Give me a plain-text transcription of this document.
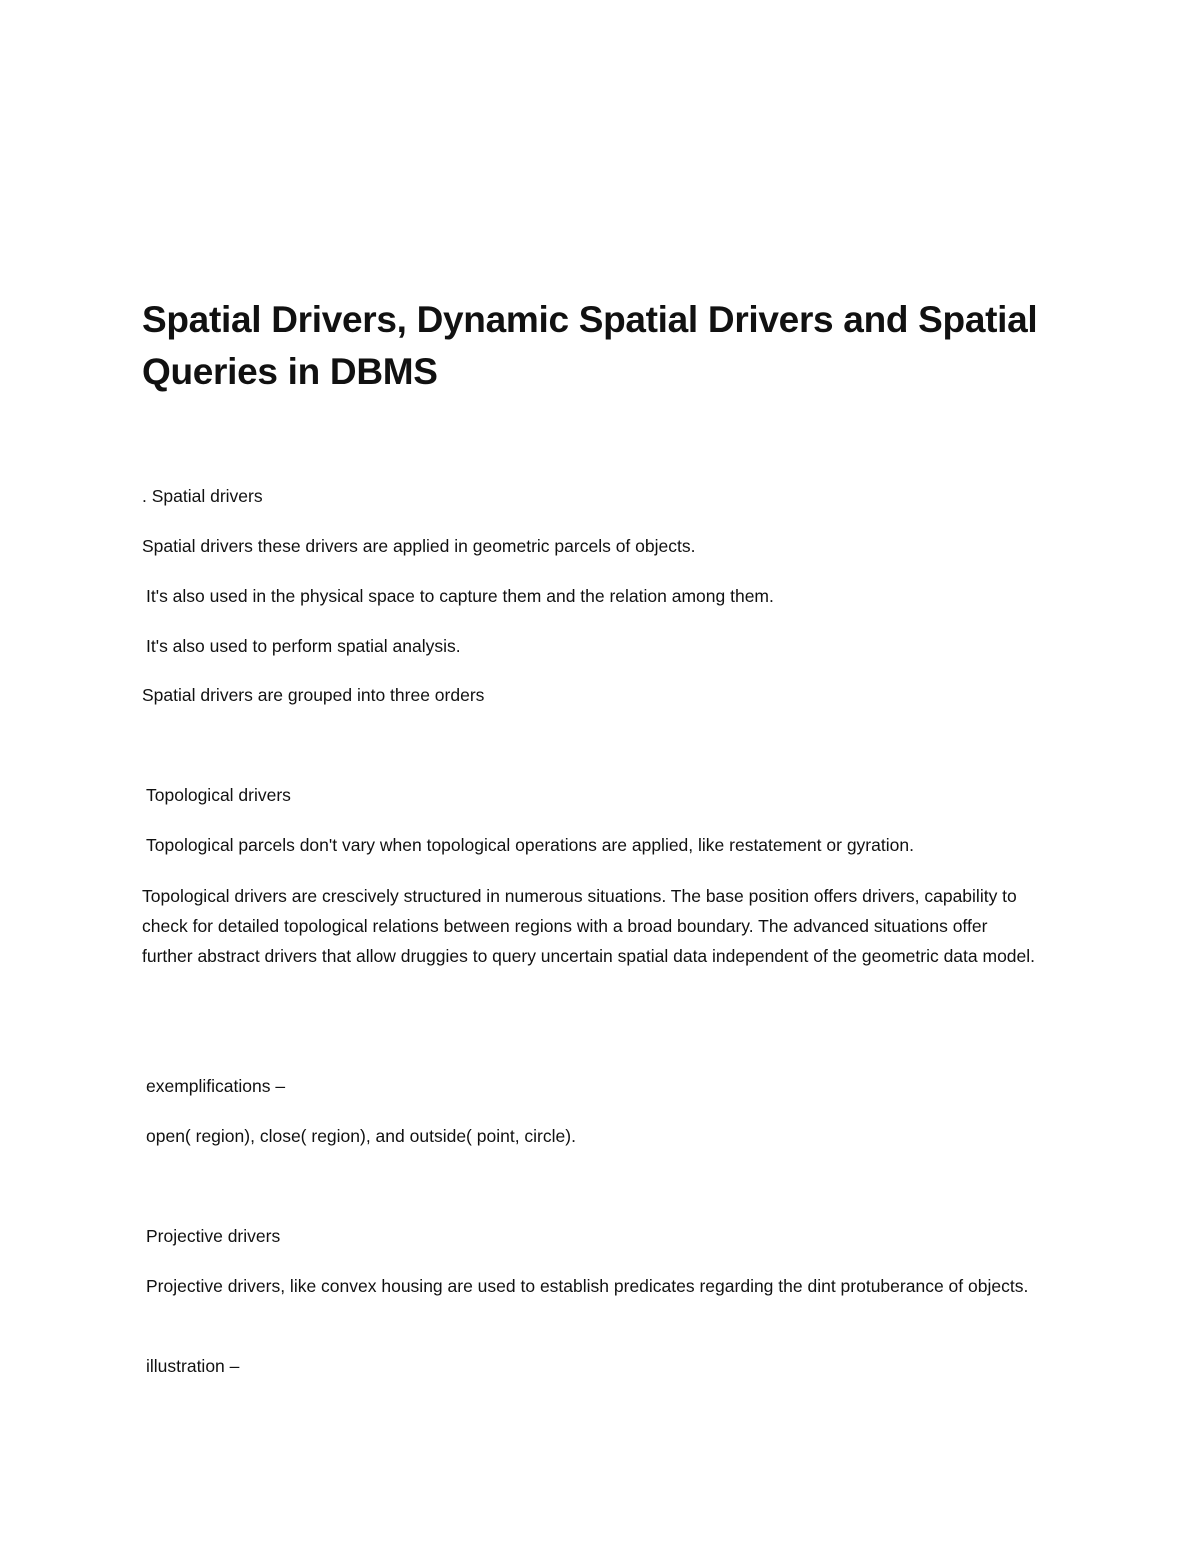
Spatial Drivers, Dynamic Spatial Drivers and Spatial Queries in DBMS

. Spatial drivers

Spatial drivers these drivers are applied in geometric parcels of objects.

It's also used in the physical space to capture them and the relation among them.

It's also used to perform spatial analysis.

Spatial drivers are grouped into three orders

Topological drivers

Topological parcels don't vary when topological operations are applied, like restatement or gyration.

Topological drivers are crescively structured in numerous situations. The base position offers drivers, capability to check for detailed topological relations between regions with a broad boundary. The advanced situations offer further abstract drivers that allow druggies to query uncertain spatial data independent of the geometric data model.

exemplifications –

open( region), close( region), and outside( point, circle).

Projective drivers

Projective drivers, like convex housing are used to establish predicates regarding the dint protuberance of objects.

illustration –
